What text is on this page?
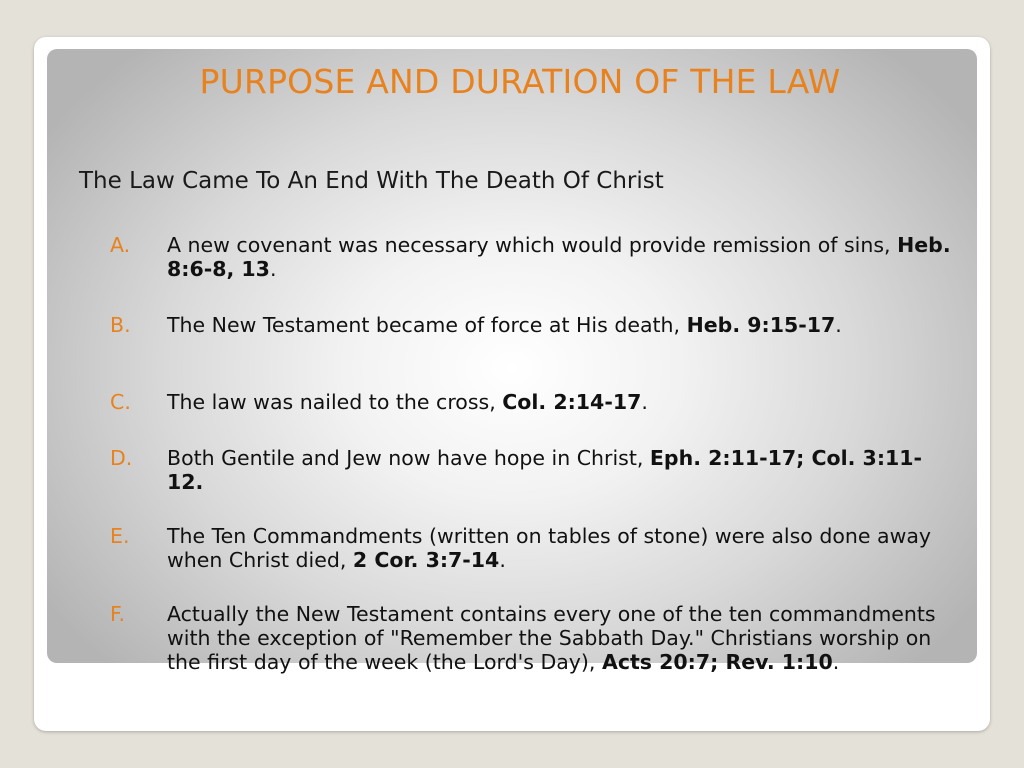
PURPOSE AND DURATION OF THE LAW
The Law Came To An End With The Death Of Christ
A. A new covenant was necessary which would provide remission of sins, Heb. 8:6-8, 13.
B. The New Testament became of force at His death, Heb. 9:15-17.
C. The law was nailed to the cross, Col. 2:14-17.
D. Both Gentile and Jew now have hope in Christ, Eph. 2:11-17; Col. 3:11-12.
E. The Ten Commandments (written on tables of stone) were also done away when Christ died, 2 Cor. 3:7-14.
F. Actually the New Testament contains every one of the ten commandments with the exception of "Remember the Sabbath Day." Christians worship on the first day of the week (the Lord's Day), Acts 20:7; Rev. 1:10.
